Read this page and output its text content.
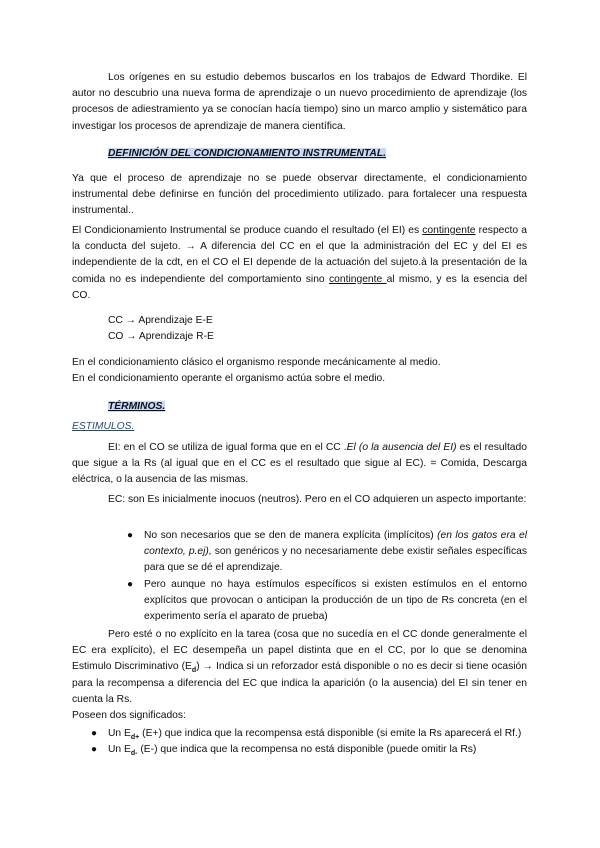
Los orígenes en su estudio debemos buscarlos en los trabajos de Edward Thordike. El autor no descubrio una nueva forma de aprendizaje o un nuevo procedimiento de aprendizaje (los procesos de adiestramiento ya se conocían hacía tiempo) sino un marco amplio y sistemático para investigar los procesos de aprendizaje de manera científica.

DEFINICIÓN DEL CONDICIONAMIENTO INSTRUMENTAL.

Ya que el proceso de aprendizaje no se puede observar directamente, el condicionamiento instrumental debe definirse en función del procedimiento utilizado. para fortalecer una respuesta instrumental..

El Condicionamiento Instrumental se produce cuando el resultado (el EI) es contingente respecto a la conducta del sujeto. → A diferencia del CC en el que la administración del EC y del EI es independiente de la cdt, en el CO el EI depende de la actuación del sujeto.à la presentación de la comida no es independiente del comportamiento sino contingente al mismo, y es la esencia del CO.

CC → Aprendizaje E-E

CO → Aprendizaje R-E

En el condicionamiento clásico el organismo responde mecánicamente al medio.

En el condicionamiento operante el organismo actúa sobre el medio.

TÉRMINOS.

ESTIMULOS.

EI: en el CO se utiliza de igual forma que en el CC .El (o la ausencia del EI) es el resultado que sigue a la Rs (al igual que en el CC es el resultado que sigue al EC). = Comida, Descarga eléctrica, o la ausencia de las mismas.

EC: son Es inicialmente inocuos (neutros). Pero en el CO adquieren un aspecto importante:

● No son necesarios que se den de manera explícita (implícitos) (en los gatos era el contexto, p.ej), son genéricos y no necesariamente debe existir señales específicas para que se dé el aprendizaje.
● Pero aunque no haya estímulos específicos si existen estímulos en el entorno explícitos que provocan o anticipan la producción de un tipo de Rs concreta (en el experimento sería el aparato de prueba)

Pero esté o no explícito en la tarea (cosa que no sucedía en el CC donde generalmente el EC era explícito), el EC desempeña un papel distinta que en el CC, por lo que se denomina Estimulo Discriminativo $(E_d)$ → Indica si un reforzador está disponible o no es decir si tiene ocasión para la recompensa a diferencia del EC que indica la aparición (o la ausencia) del EI sin tener en cuenta la Rs.

Poseen dos significados:

● Un $E_{d+}$ (E+) que indica que la recompensa está disponible (si emite la Rs aparecerá el Rf.)
● Un $E_{d-}$ (E-) que indica que la recompensa no está disponible (puede omitir la Rs)
